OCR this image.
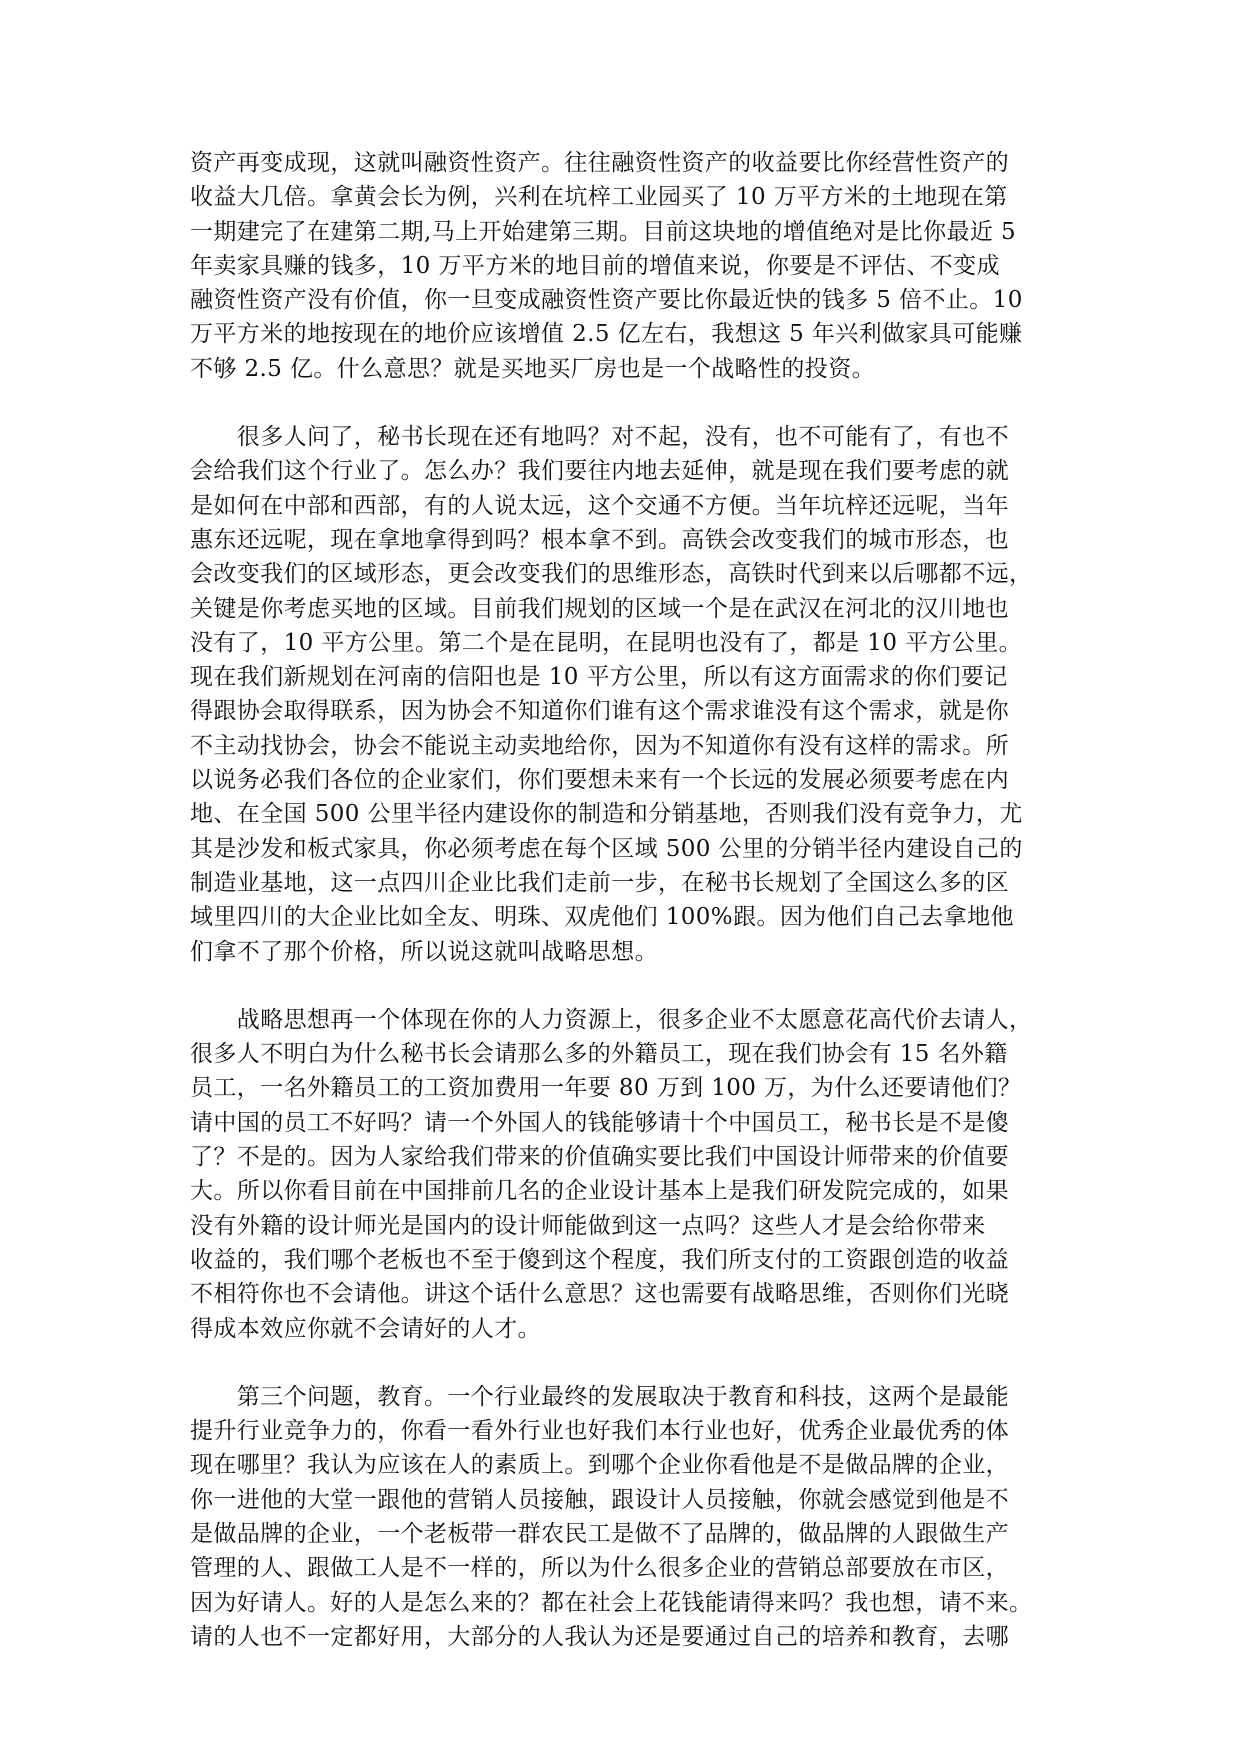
资产再变成现，这就叫融资性资产。往往融资性资产的收益要比你经营性资产的
收益大几倍。拿黄会长为例，兴利在坑梓工业园买了 10 万平方米的土地现在第
一期建完了在建第二期,马上开始建第三期。目前这块地的增值绝对是比你最近 5
年卖家具赚的钱多，10 万平方米的地目前的增值来说，你要是不评估、不变成
融资性资产没有价值，你一旦变成融资性资产要比你最近快的钱多 5 倍不止。10
万平方米的地按现在的地价应该增值 2.5 亿左右，我想这 5 年兴利做家具可能赚
不够 2.5 亿。什么意思？就是买地买厂房也是一个战略性的投资。
　　很多人问了，秘书长现在还有地吗？对不起，没有，也不可能有了，有也不
会给我们这个行业了。怎么办？我们要往内地去延伸，就是现在我们要考虑的就
是如何在中部和西部，有的人说太远，这个交通不方便。当年坑梓还远呢，当年
惠东还远呢，现在拿地拿得到吗？根本拿不到。高铁会改变我们的城市形态，也
会改变我们的区域形态，更会改变我们的思维形态，高铁时代到来以后哪都不远，
关键是你考虑买地的区域。目前我们规划的区域一个是在武汉在河北的汉川地也
没有了，10 平方公里。第二个是在昆明，在昆明也没有了，都是 10 平方公里。
现在我们新规划在河南的信阳也是 10 平方公里，所以有这方面需求的你们要记
得跟协会取得联系，因为协会不知道你们谁有这个需求谁没有这个需求，就是你
不主动找协会，协会不能说主动卖地给你，因为不知道你有没有这样的需求。所
以说务必我们各位的企业家们，你们要想未来有一个长远的发展必须要考虑在内
地、在全国 500 公里半径内建设你的制造和分销基地，否则我们没有竞争力，尤
其是沙发和板式家具，你必须考虑在每个区域 500 公里的分销半径内建设自己的
制造业基地，这一点四川企业比我们走前一步，在秘书长规划了全国这么多的区
域里四川的大企业比如全友、明珠、双虎他们 100%跟。因为他们自己去拿地他
们拿不了那个价格，所以说这就叫战略思想。
　　战略思想再一个体现在你的人力资源上，很多企业不太愿意花高代价去请人，
很多人不明白为什么秘书长会请那么多的外籍员工，现在我们协会有 15 名外籍
员工，一名外籍员工的工资加费用一年要 80 万到 100 万，为什么还要请他们？
请中国的员工不好吗？请一个外国人的钱能够请十个中国员工，秘书长是不是傻
了？不是的。因为人家给我们带来的价值确实要比我们中国设计师带来的价值要
大。所以你看目前在中国排前几名的企业设计基本上是我们研发院完成的，如果
没有外籍的设计师光是国内的设计师能做到这一点吗？这些人才是会给你带来
收益的，我们哪个老板也不至于傻到这个程度，我们所支付的工资跟创造的收益
不相符你也不会请他。讲这个话什么意思？这也需要有战略思维，否则你们光晓
得成本效应你就不会请好的人才。
　　第三个问题，教育。一个行业最终的发展取决于教育和科技，这两个是最能
提升行业竞争力的，你看一看外行业也好我们本行业也好，优秀企业最优秀的体
现在哪里？我认为应该在人的素质上。到哪个企业你看他是不是做品牌的企业，
你一进他的大堂一跟他的营销人员接触，跟设计人员接触，你就会感觉到他是不
是做品牌的企业，一个老板带一群农民工是做不了品牌的，做品牌的人跟做生产
管理的人、跟做工人是不一样的，所以为什么很多企业的营销总部要放在市区，
因为好请人。好的人是怎么来的？都在社会上花钱能请得来吗？我也想，请不来。
请的人也不一定都好用，大部分的人我认为还是要通过自己的培养和教育，去哪
